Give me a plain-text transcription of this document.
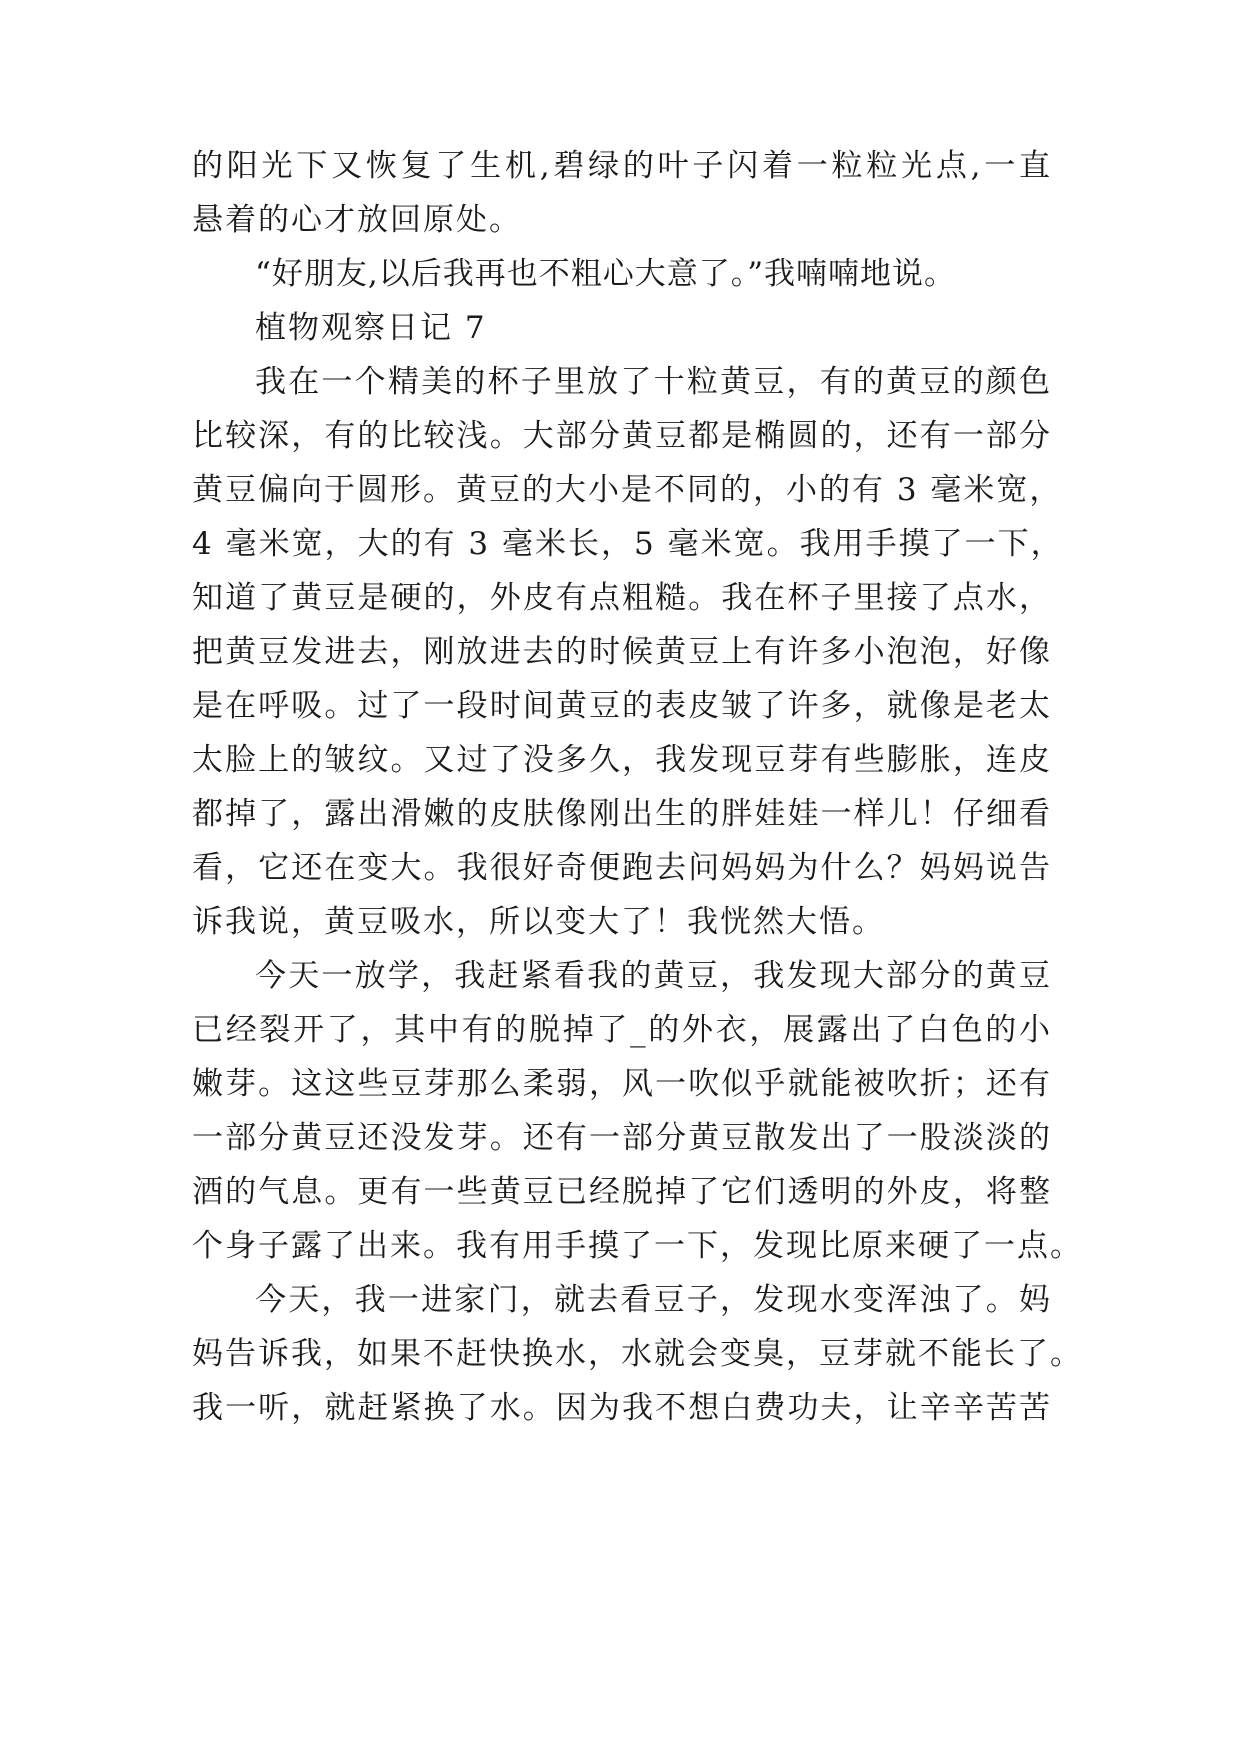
的阳光下又恢复了生机,碧绿的叶子闪着一粒粒光点,一直
悬着的心才放回原处。
“好朋友,以后我再也不粗心大意了。”我喃喃地说。
植物观察日记 7
我在一个精美的杯子里放了十粒黄豆，有的黄豆的颜色
比较深，有的比较浅。大部分黄豆都是椭圆的，还有一部分
黄豆偏向于圆形。黄豆的大小是不同的，小的有 3 毫米宽，
4 毫米宽，大的有 3 毫米长，5 毫米宽。我用手摸了一下，
知道了黄豆是硬的，外皮有点粗糙。我在杯子里接了点水，
把黄豆发进去，刚放进去的时候黄豆上有许多小泡泡，好像
是在呼吸。过了一段时间黄豆的表皮皱了许多，就像是老太
太脸上的皱纹。又过了没多久，我发现豆芽有些膨胀，连皮
都掉了，露出滑嫩的皮肤像刚出生的胖娃娃一样儿！仔细看
看，它还在变大。我很好奇便跑去问妈妈为什么？妈妈说告
诉我说，黄豆吸水，所以变大了！我恍然大悟。
今天一放学，我赶紧看我的黄豆，我发现大部分的黄豆
已经裂开了，其中有的脱掉了_的外衣，展露出了白色的小
嫩芽。这这些豆芽那么柔弱，风一吹似乎就能被吹折；还有
一部分黄豆还没发芽。还有一部分黄豆散发出了一股淡淡的
酒的气息。更有一些黄豆已经脱掉了它们透明的外皮，将整
个身子露了出来。我有用手摸了一下，发现比原来硬了一点。
今天，我一进家门，就去看豆子，发现水变浑浊了。妈
妈告诉我，如果不赶快换水，水就会变臭，豆芽就不能长了。
我一听，就赶紧换了水。因为我不想白费功夫，让辛辛苦苦
